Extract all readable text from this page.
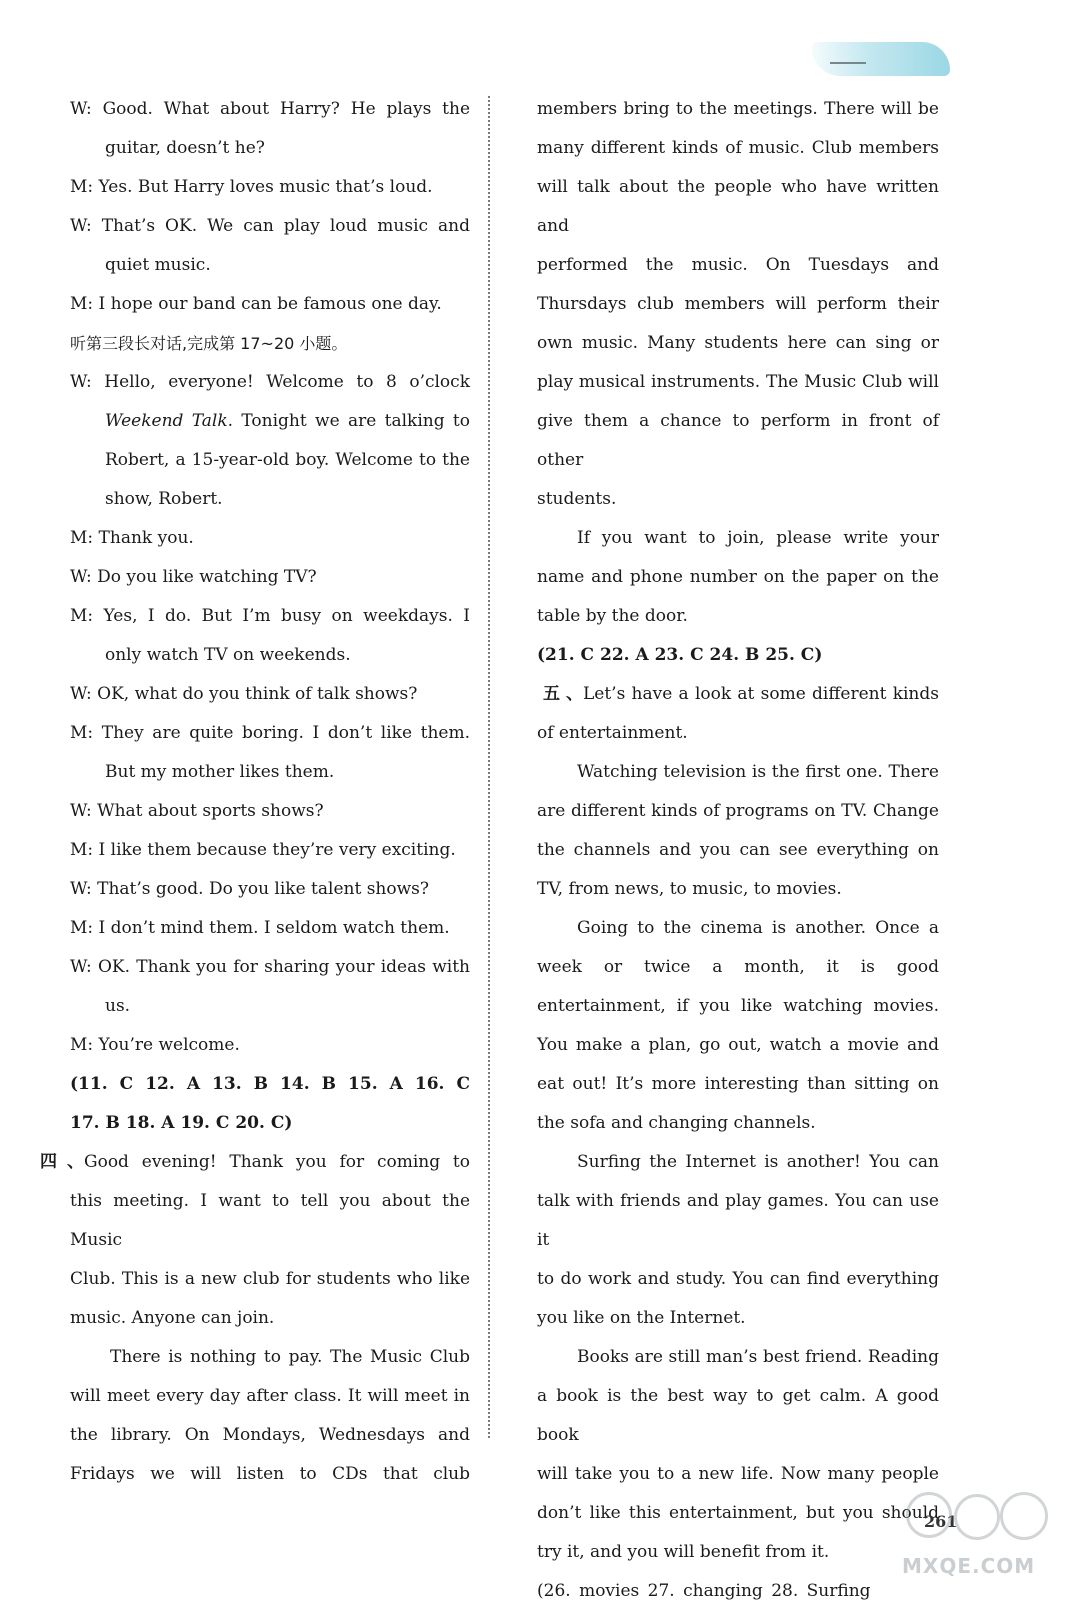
W: Good. What about Harry? He plays the
guitar, doesn’t he?
M: Yes. But Harry loves music that’s loud.
W: That’s OK. We can play loud music and
quiet music.
M: I hope our band can be famous one day.
听第三段长对话,完成第 17~20 小题。
W: Hello, everyone! Welcome to 8 o’clock
Weekend Talk. Tonight we are talking to
Robert, a 15-year-old boy. Welcome to the
show, Robert.
M: Thank you.
W: Do you like watching TV?
M: Yes, I do. But I’m busy on weekdays. I
only watch TV on weekends.
W: OK, what do you think of talk shows?
M: They are quite boring. I don’t like them.
But my mother likes them.
W: What about sports shows?
M: I like them because they’re very exciting.
W: That’s good. Do you like talent shows?
M: I don’t mind them. I seldom watch them.
W: OK. Thank you for sharing your ideas with
us.
M: You’re welcome.
(11. C 12. A 13. B 14. B 15. A 16. C
17. B 18. A 19. C 20. C)
四、Good evening! Thank you for coming to
this meeting. I want to tell you about the Music
Club. This is a new club for students who like
music. Anyone can join.
There is nothing to pay. The Music Club
will meet every day after class. It will meet in
the library. On Mondays, Wednesdays and
Fridays we will listen to CDs that club
members bring to the meetings. There will be
many different kinds of music. Club members
will talk about the people who have written and
performed the music. On Tuesdays and
Thursdays club members will perform their
own music. Many students here can sing or
play musical instruments. The Music Club will
give them a chance to perform in front of other
students.
If you want to join, please write your
name and phone number on the paper on the
table by the door.
(21. C 22. A 23. C 24. B 25. C)
五、Let’s have a look at some different kinds
of entertainment.
Watching television is the first one. There
are different kinds of programs on TV. Change
the channels and you can see everything on
TV, from news, to music, to movies.
Going to the cinema is another. Once a
week or twice a month, it is good
entertainment, if you like watching movies.
You make a plan, go out, watch a movie and
eat out! It’s more interesting than sitting on
the sofa and changing channels.
Surfing the Internet is another! You can
talk with friends and play games. You can use it
to do work and study. You can find everything
you like on the Internet.
Books are still man’s best friend. Reading
a book is the best way to get calm. A good book
will take you to a new life. Now many people
don’t like this entertainment, but you should
try it, and you will benefit from it.
(26. movies 27. changing 28. Surfing
261
MXQE.COM
